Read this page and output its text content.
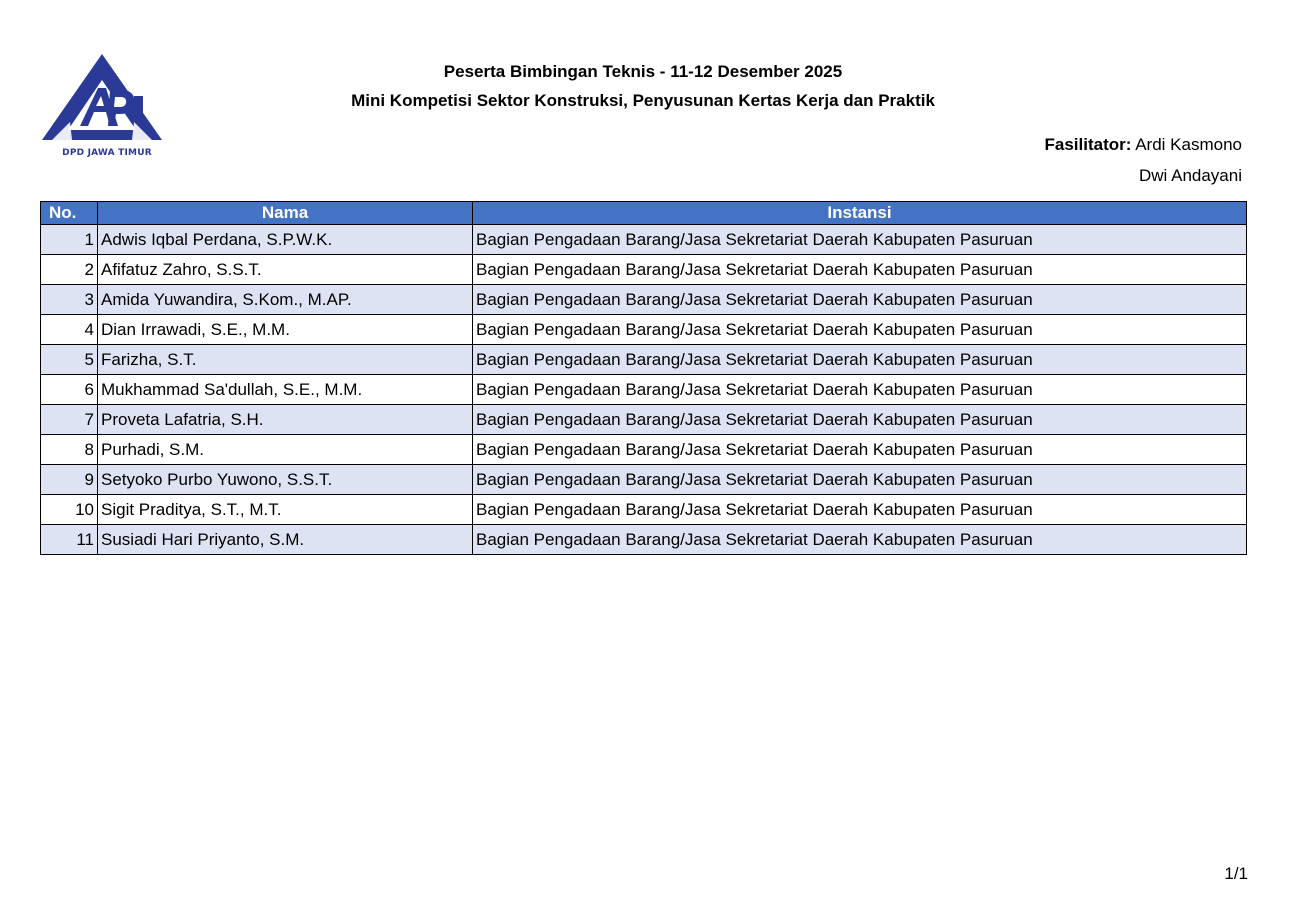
DPD JAWA TIMUR
Peserta Bimbingan Teknis - 11-12 Desember 2025
Mini Kompetisi Sektor Konstruksi, Penyusunan Kertas Kerja dan Praktik
Fasilitator: Ardi Kasmono
Dwi Andayani
No.	Nama	Instansi
1	Adwis Iqbal Perdana, S.P.W.K.	Bagian Pengadaan Barang/Jasa Sekretariat Daerah Kabupaten Pasuruan
2	Afifatuz Zahro, S.S.T.	Bagian Pengadaan Barang/Jasa Sekretariat Daerah Kabupaten Pasuruan
3	Amida Yuwandira, S.Kom., M.AP.	Bagian Pengadaan Barang/Jasa Sekretariat Daerah Kabupaten Pasuruan
4	Dian Irrawadi, S.E., M.M.	Bagian Pengadaan Barang/Jasa Sekretariat Daerah Kabupaten Pasuruan
5	Farizha, S.T.	Bagian Pengadaan Barang/Jasa Sekretariat Daerah Kabupaten Pasuruan
6	Mukhammad Sa'dullah, S.E., M.M.	Bagian Pengadaan Barang/Jasa Sekretariat Daerah Kabupaten Pasuruan
7	Proveta Lafatria, S.H.	Bagian Pengadaan Barang/Jasa Sekretariat Daerah Kabupaten Pasuruan
8	Purhadi, S.M.	Bagian Pengadaan Barang/Jasa Sekretariat Daerah Kabupaten Pasuruan
9	Setyoko Purbo Yuwono, S.S.T.	Bagian Pengadaan Barang/Jasa Sekretariat Daerah Kabupaten Pasuruan
10	Sigit Praditya, S.T., M.T.	Bagian Pengadaan Barang/Jasa Sekretariat Daerah Kabupaten Pasuruan
11	Susiadi Hari Priyanto, S.M.	Bagian Pengadaan Barang/Jasa Sekretariat Daerah Kabupaten Pasuruan
1/1
